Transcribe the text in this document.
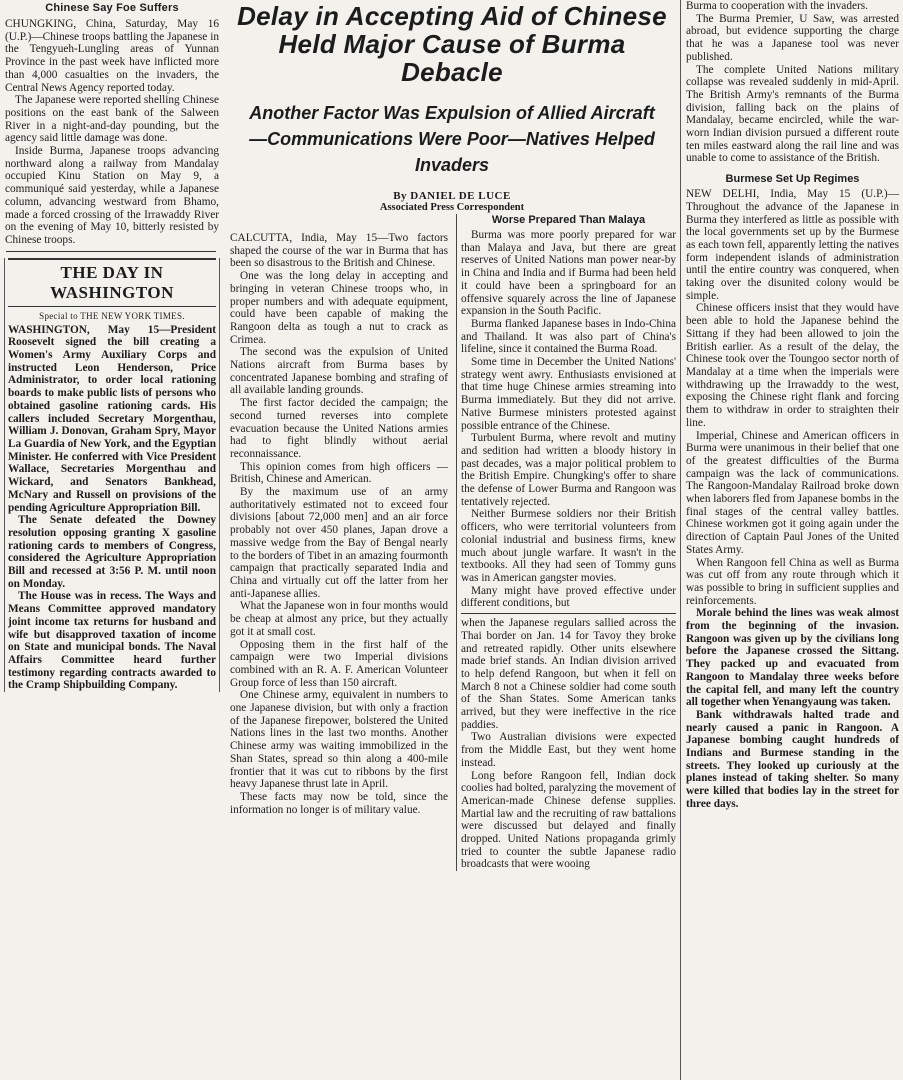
Chinese Say Foe Suffers

CHUNGKING, China, Saturday, May 16 (U.P.)—Chinese troops battling the Japanese in the Tengyueh-Lungling areas of Yunnan Province in the past week have inflicted more than 4,000 casualties on the invaders, the Central News Agency reported today.

The Japanese were reported shelling Chinese positions on the east bank of the Salween River in a night-and-day pounding, but the agency said little damage was done.

Inside Burma, Japanese troops advancing northward along a railway from Mandalay occupied Kinu Station on May 9, a communiqué said yesterday, while a Japanese column, advancing westward from Bhamo, made a forced crossing of the Irrawaddy River on the evening of May 10, bitterly resisted by Chinese troops.

THE DAY IN WASHINGTON
Special to THE NEW YORK TIMES.

WASHINGTON, May 15—President Roosevelt signed the bill creating a Women's Army Auxiliary Corps and instructed Leon Henderson, Price Administrator, to order local rationing boards to make public lists of persons who obtained gasoline rationing cards. His callers included Secretary Morgenthau, William J. Donovan, Graham Spry, Mayor La Guardia of New York, and the Egyptian Minister. He conferred with Vice President Wallace, Secretaries Morgenthau and Wickard, and Senators Bankhead, McNary and Russell on provisions of the pending Agriculture Appropriation Bill.

The Senate defeated the Downey resolution opposing granting X gasoline rationing cards to members of Congress, considered the Agriculture Appropriation Bill and recessed at 3:56 P. M. until noon on Monday.

The House was in recess. The Ways and Means Committee approved mandatory joint income tax returns for husband and wife but disapproved taxation of income on State and municipal bonds. The Naval Affairs Committee heard further testimony regarding contracts awarded to the Cramp Shipbuilding Company.

Delay in Accepting Aid of Chinese Held Major Cause of Burma Debacle
Another Factor Was Expulsion of Allied Aircraft—Communications Were Poor—Natives Helped Invaders
By DANIEL DE LUCE
Associated Press Correspondent

CALCUTTA, India, May 15—Two factors shaped the course of the war in Burma that has been so disastrous to the British and Chinese.

One was the long delay in accepting and bringing in veteran Chinese troops who, in proper numbers and with adequate equipment, could have been capable of making the Rangoon delta as tough a nut to crack as Crimea.

The second was the expulsion of United Nations aircraft from Burma bases by concentrated Japanese bombing and strafing of all available landing grounds.

The first factor decided the campaign; the second turned reverses into complete evacuation because the United Nations armies had to fight blindly without aerial reconnaissance.

This opinion comes from high officers — British, Chinese and American.

By the maximum use of an army authoritatively estimated not to exceed four divisions [about 72,000 men] and an air force probably not over 450 planes, Japan drove a massive wedge from the Bay of Bengal nearly to the borders of Tibet in an amazing fourmonth campaign that practically separated India and China and virtually cut off the latter from her anti-Japanese allies.

What the Japanese won in four months would be cheap at almost any price, but they actually got it at small cost.

Opposing them in the first half of the campaign were two Imperial divisions combined with an R. A. F. American Volunteer Group force of less than 150 aircraft.

One Chinese army, equivalent in numbers to one Japanese division, but with only a fraction of the Japanese firepower, bolstered the United Nations lines in the last two months. Another Chinese army was waiting immobilized in the Shan States, spread so thin along a 400-mile frontier that it was cut to ribbons by the first heavy Japanese thrust late in April.

These facts may now be told, since the information no longer is of military value.

Worse Prepared Than Malaya

Burma was more poorly prepared for war than Malaya and Java, but there are great reserves of United Nations man power near-by in China and India and if Burma had been held it could have been a springboard for an offensive squarely across the line of Japanese expansion in the South Pacific.

Burma flanked Japanese bases in Indo-China and Thailand. It was also part of China's lifeline, since it contained the Burma Road.

Some time in December the United Nations' strategy went awry. Enthusiasts envisioned at that time huge Chinese armies streaming into Burma immediately. But they did not arrive. Native Burmese ministers protested against possible entrance of the Chinese.

Turbulent Burma, where revolt and mutiny and sedition had written a bloody history in past decades, was a major political problem to the British Empire. Chungking's offer to share the defense of Lower Burma and Rangoon was tentatively rejected.

Neither Burmese soldiers nor their British officers, who were territorial volunteers from colonial industrial and business firms, knew much about jungle warfare. It wasn't in the textbooks. All they had seen of Tommy guns was in American gangster movies.

Many might have proved effective under different conditions, but

when the Japanese regulars sallied across the Thai border on Jan. 14 for Tavoy they broke and retreated rapidly. Other units elsewhere made brief stands. An Indian division arrived to help defend Rangoon, but when it fell on March 8 not a Chinese soldier had come south of the Shan States. Some American tanks arrived, but they were ineffective in the rice paddies.

Two Australian divisions were expected from the Middle East, but they went home instead.

Long before Rangoon fell, Indian dock coolies had bolted, paralyzing the movement of American-made Chinese defense supplies. Martial law and the recruiting of raw battalions were discussed but delayed and finally dropped. United Nations propaganda grimly tried to counter the subtle Japanese radio broadcasts that were wooing

Burma to cooperation with the invaders.

The Burma Premier, U Saw, was arrested abroad, but evidence supporting the charge that he was a Japanese tool was never published.

The complete United Nations military collapse was revealed suddenly in mid-April. The British Army's remnants of the Burma division, falling back on the plains of Mandalay, became encircled, while the war-worn Indian division pursued a different route ten miles eastward along the rail line and was unable to come to assistance of the British.

Burmese Set Up Regimes

NEW DELHI, India, May 15 (U.P.)—Throughout the advance of the Japanese in Burma they interfered as little as possible with the local governments set up by the Burmese as each town fell, apparently letting the natives form independent islands of administration until the entire country was conquered, when taking over the disunited colony would be simple.

Chinese officers insist that they would have been able to hold the Japanese behind the Sittang if they had been allowed to join the British earlier. As a result of the delay, the Chinese took over the Toungoo sector north of Mandalay at a time when the imperials were withdrawing up the Irrawaddy to the west, exposing the Chinese right flank and forcing them to withdraw in order to straighten their line.

Imperial, Chinese and American officers in Burma were unanimous in their belief that one of the greatest difficulties of the Burma campaign was the lack of communications. The Rangoon-Mandalay Railroad broke down when laborers fled from Japanese bombs in the final stages of the central valley battles. Chinese workmen got it going again under the direction of Captain Paul Jones of the United States Army.

When Rangoon fell China as well as Burma was cut off from any route through which it was possible to bring in sufficient supplies and reinforcements.

Morale behind the lines was weak almost from the beginning of the invasion. Rangoon was given up by the civilians long before the Japanese crossed the Sittang. They packed up and evacuated from Rangoon to Mandalay three weeks before the capital fell, and many left the country all together when Yenangyaung was taken.

Bank withdrawals halted trade and nearly caused a panic in Rangoon. A Japanese bombing caught hundreds of Indians and Burmese standing in the streets. They looked up curiously at the planes instead of taking shelter. So many were killed that bodies lay in the street for three days.
